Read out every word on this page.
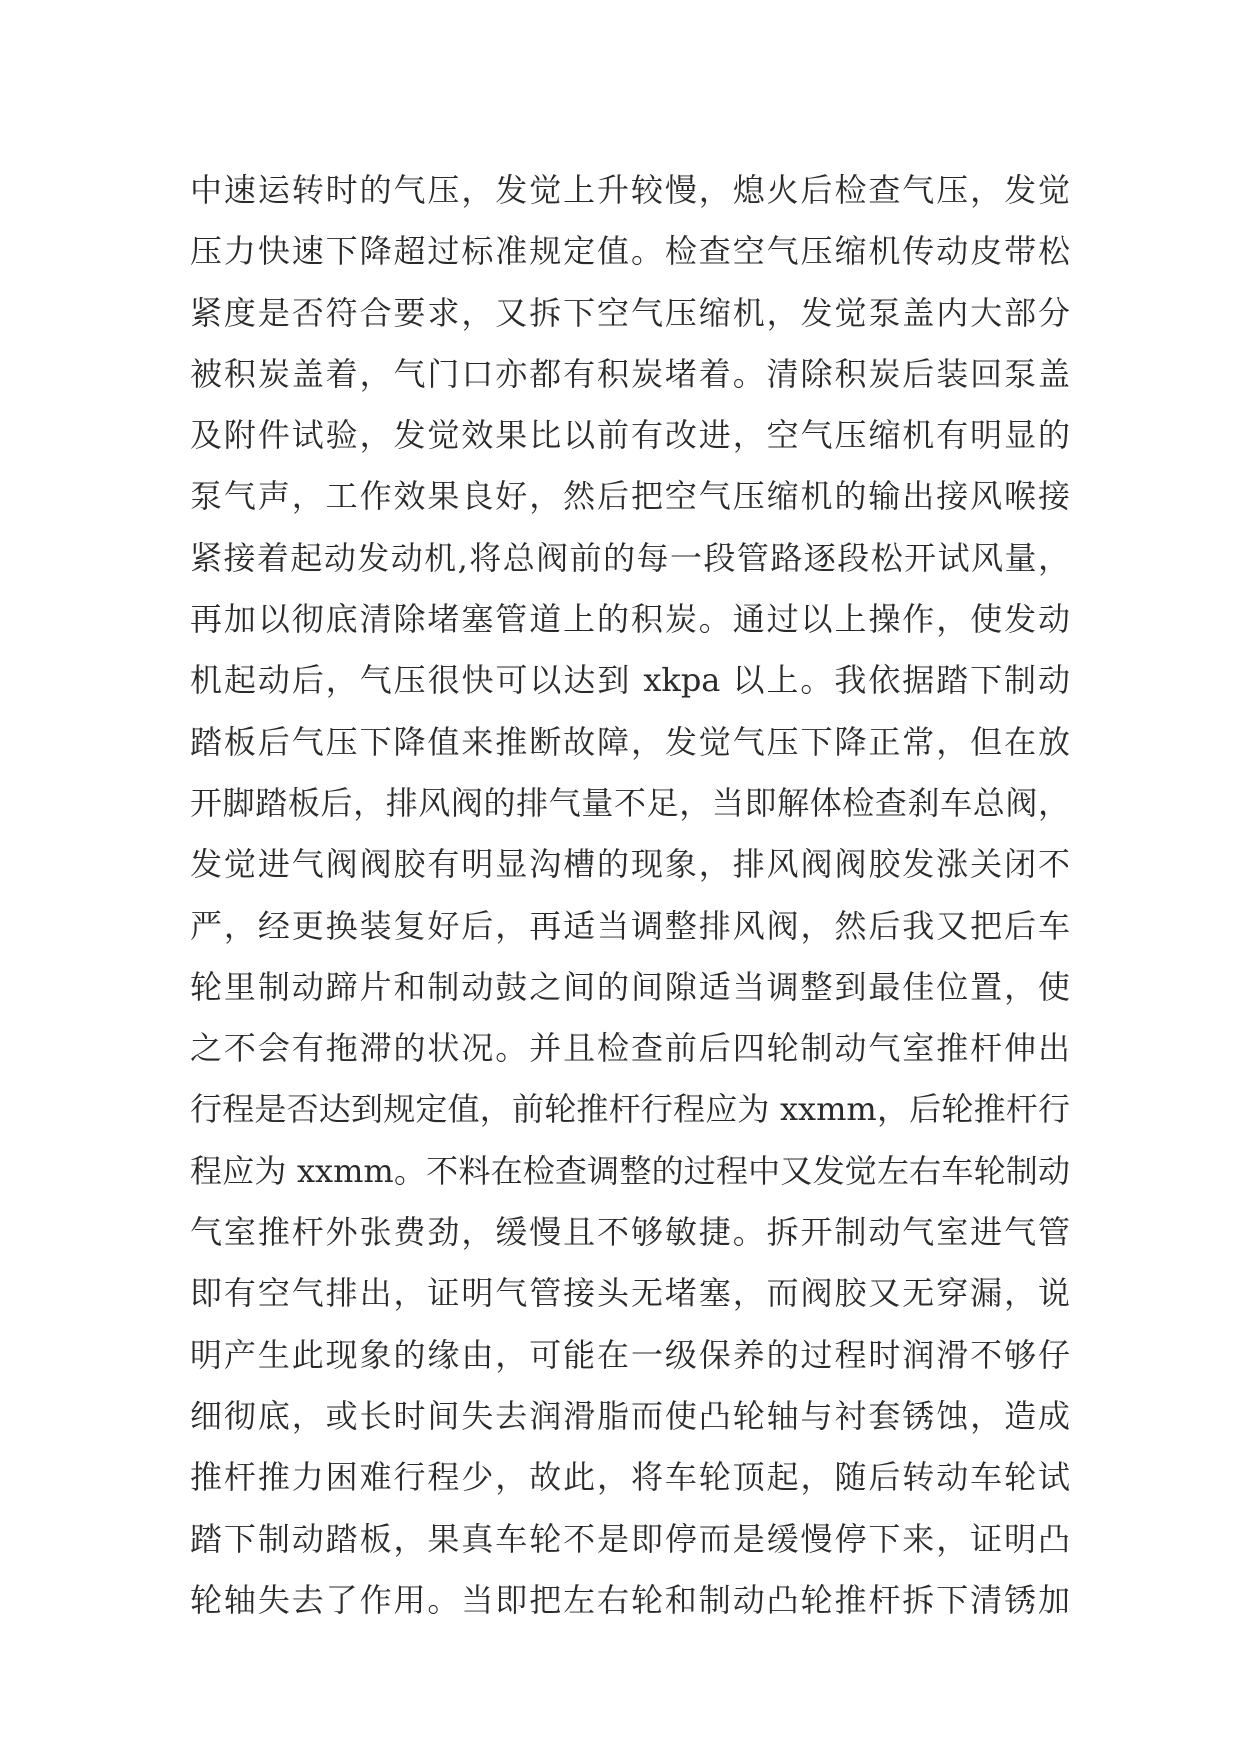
中速运转时的气压，发觉上升较慢，熄火后检查气压，发觉
压力快速下降超过标准规定值。检查空气压缩机传动皮带松
紧度是否符合要求，又拆下空气压缩机，发觉泵盖内大部分
被积炭盖着，气门口亦都有积炭堵着。清除积炭后装回泵盖
及附件试验，发觉效果比以前有改进，空气压缩机有明显的
泵气声，工作效果良好，然后把空气压缩机的输出接风喉接
紧接着起动发动机,将总阀前的每一段管路逐段松开试风量，
再加以彻底清除堵塞管道上的积炭。通过以上操作，使发动
机起动后，气压很快可以达到 xkpa 以上。我依据踏下制动
踏板后气压下降值来推断故障，发觉气压下降正常，但在放
开脚踏板后，排风阀的排气量不足，当即解体检查刹车总阀，
发觉进气阀阀胶有明显沟槽的现象，排风阀阀胶发涨关闭不
严，经更换装复好后，再适当调整排风阀，然后我又把后车
轮里制动蹄片和制动鼓之间的间隙适当调整到最佳位置，使
之不会有拖滞的状况。并且检查前后四轮制动气室推杆伸出
行程是否达到规定值，前轮推杆行程应为 xxmm，后轮推杆行
程应为 xxmm。不料在检查调整的过程中又发觉左右车轮制动
气室推杆外张费劲，缓慢且不够敏捷。拆开制动气室进气管
即有空气排出，证明气管接头无堵塞，而阀胶又无穿漏，说
明产生此现象的缘由，可能在一级保养的过程时润滑不够仔
细彻底，或长时间失去润滑脂而使凸轮轴与衬套锈蚀，造成
推杆推力困难行程少，故此，将车轮顶起，随后转动车轮试
踏下制动踏板，果真车轮不是即停而是缓慢停下来，证明凸
轮轴失去了作用。当即把左右轮和制动凸轮推杆拆下清锈加
